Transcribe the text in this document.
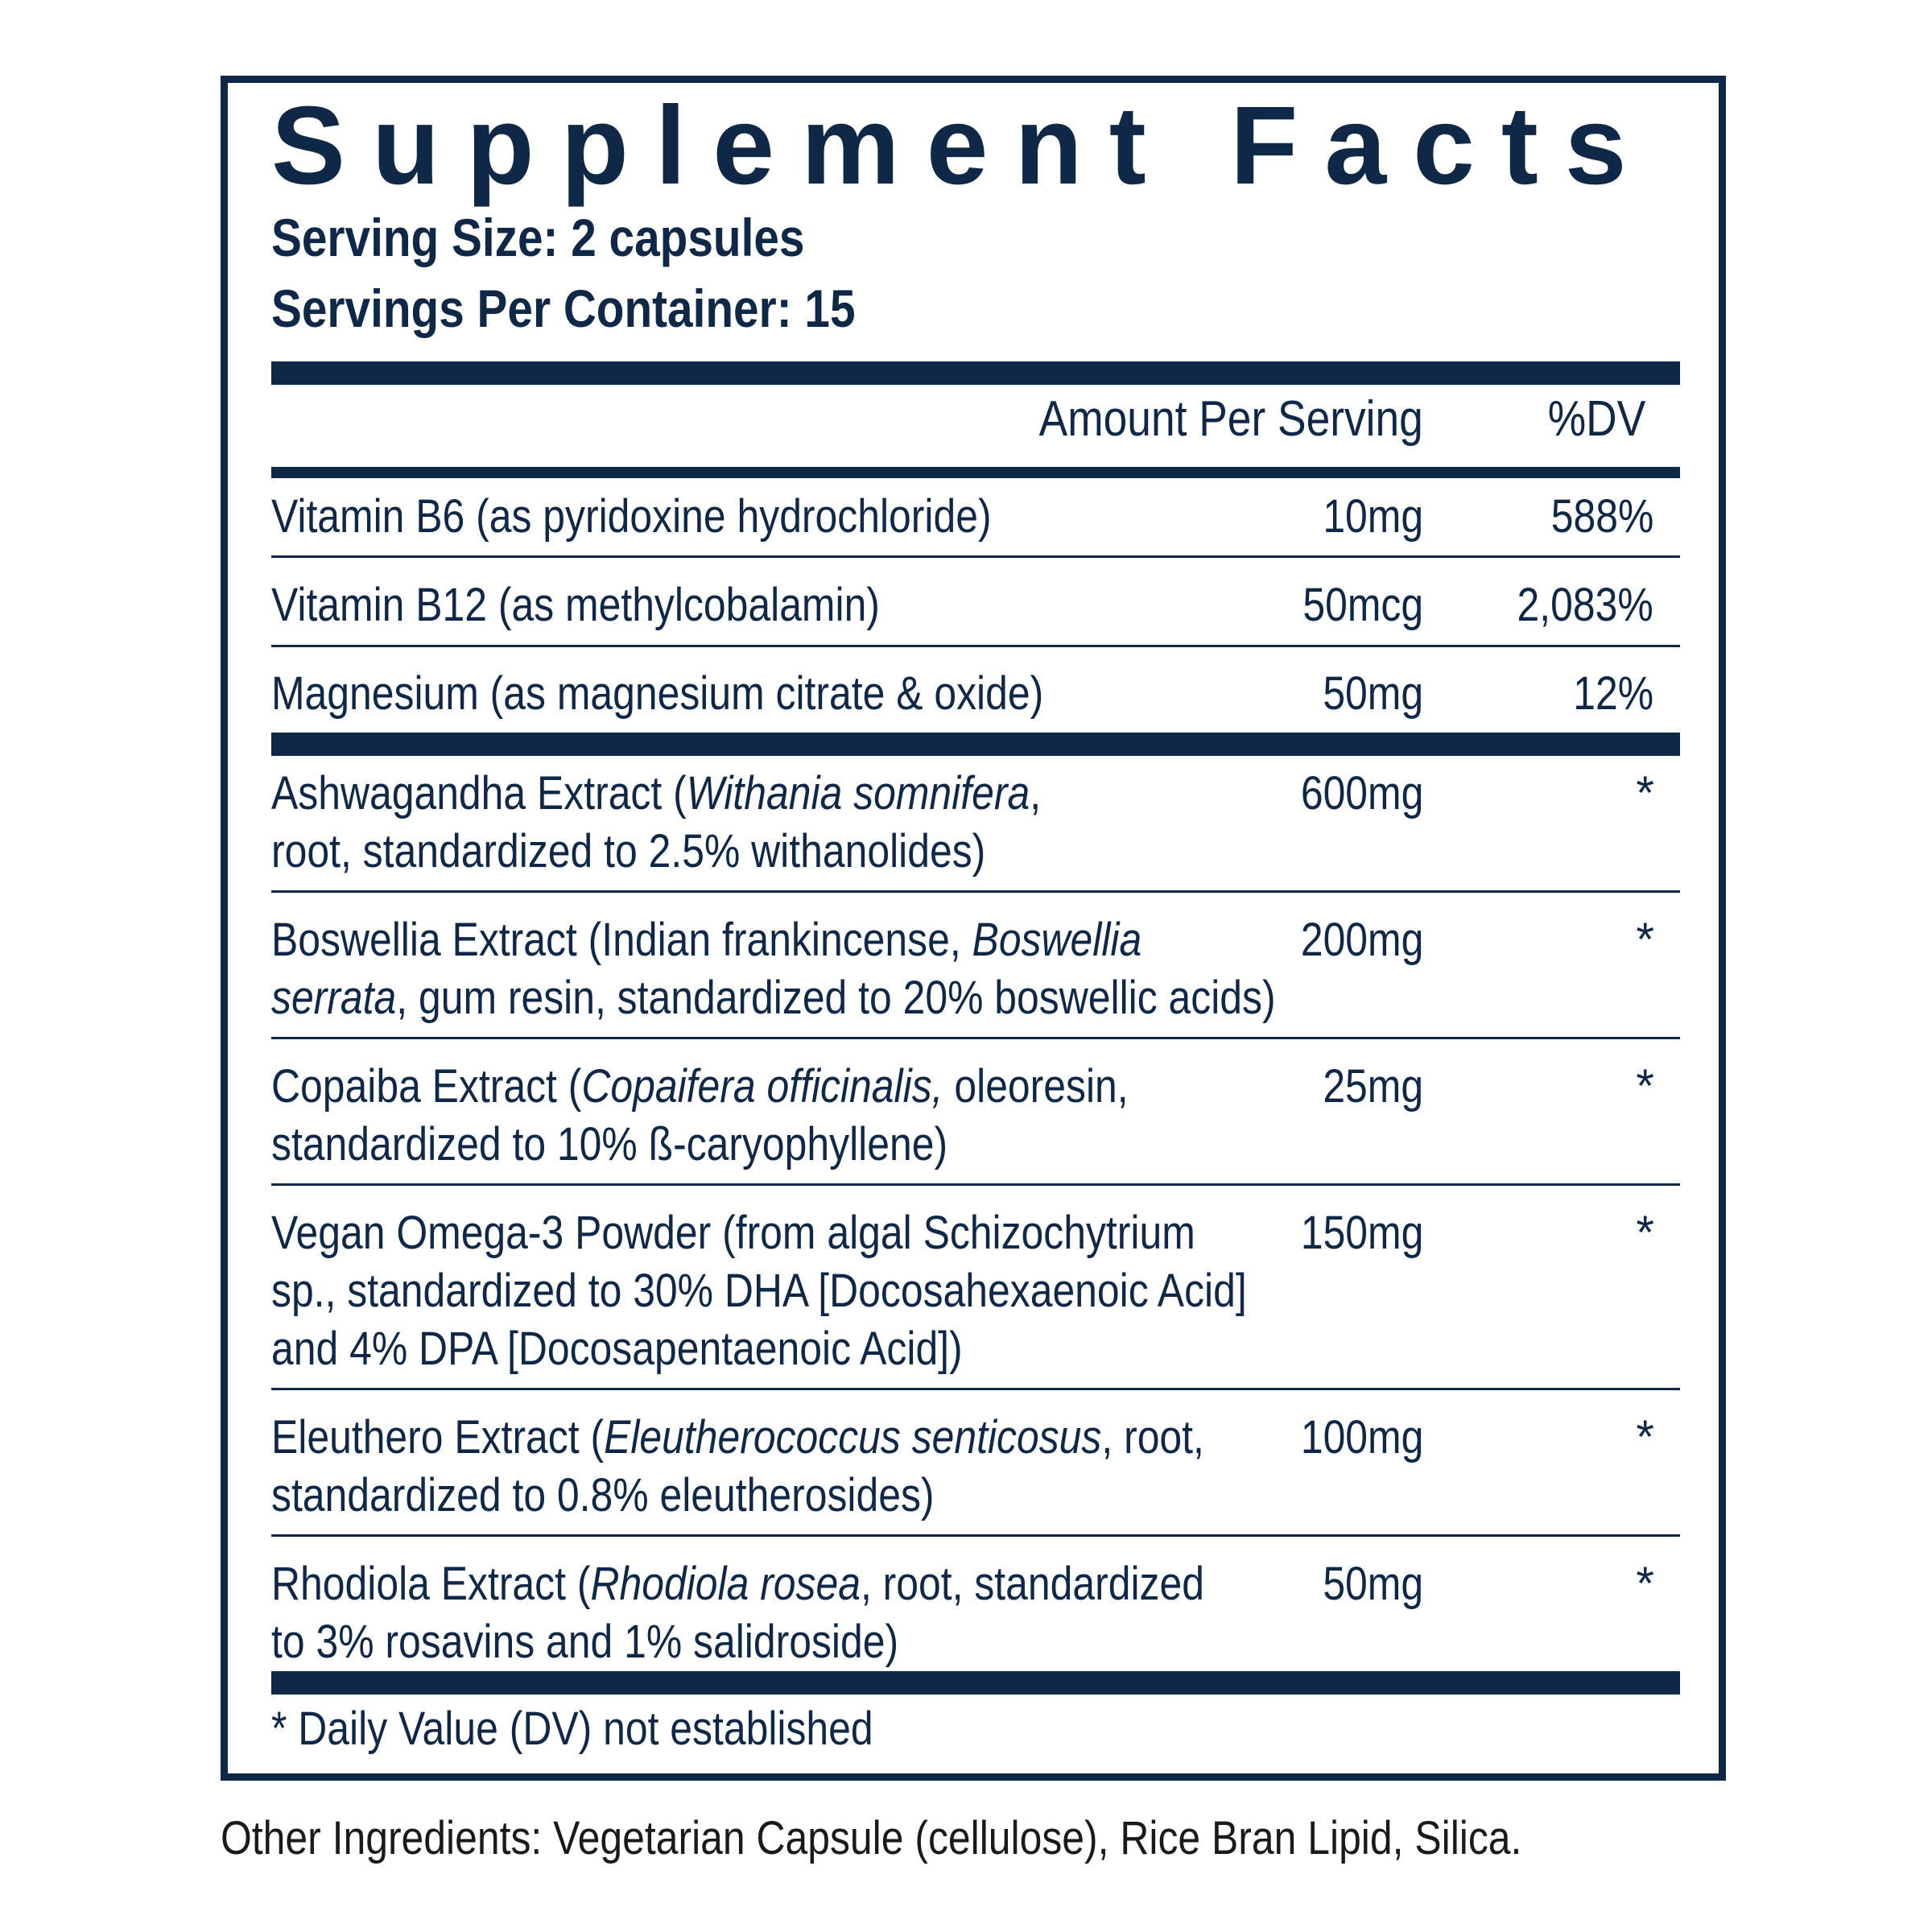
Supplement Facts
Serving Size: 2 capsules
Servings Per Container: 15
Amount Per Serving %DV
Vitamin B6 (as pyridoxine hydrochloride)	10mg	588%
Vitamin B12 (as methylcobalamin)	50mcg 2,083%
Magnesium (as magnesium citrate & oxide)	50mg	12%
Ashwagandha Extract (Withania somnifera,
root, standardized to 2.5% withanolides)
600mg	*
Boswellia Extract (Indian frankincense, Boswellia
serrata, gum resin, standardized to 20% boswellic acids)
200mg	*
Copaiba Extract (Copaifera officinalis, oleoresin,
standardized to 10% ß-caryophyllene)
25mg	*
Vegan Omega-3 Powder (from algal Schizochytrium
sp., standardized to 30% DHA [Docosahexaenoic Acid]
and 4% DPA [Docosapentaenoic Acid])
150mg	*
Eleuthero Extract (Eleutherococcus senticosus, root,
standardized to 0.8% eleutherosides)
100mg	*
Rhodiola Extract (Rhodiola rosea, root, standardized
to 3% rosavins and 1% salidroside)
50mg	*
* Daily Value (DV) not established
Other Ingredients: Vegetarian Capsule (cellulose), Rice Bran Lipid, Silica.
